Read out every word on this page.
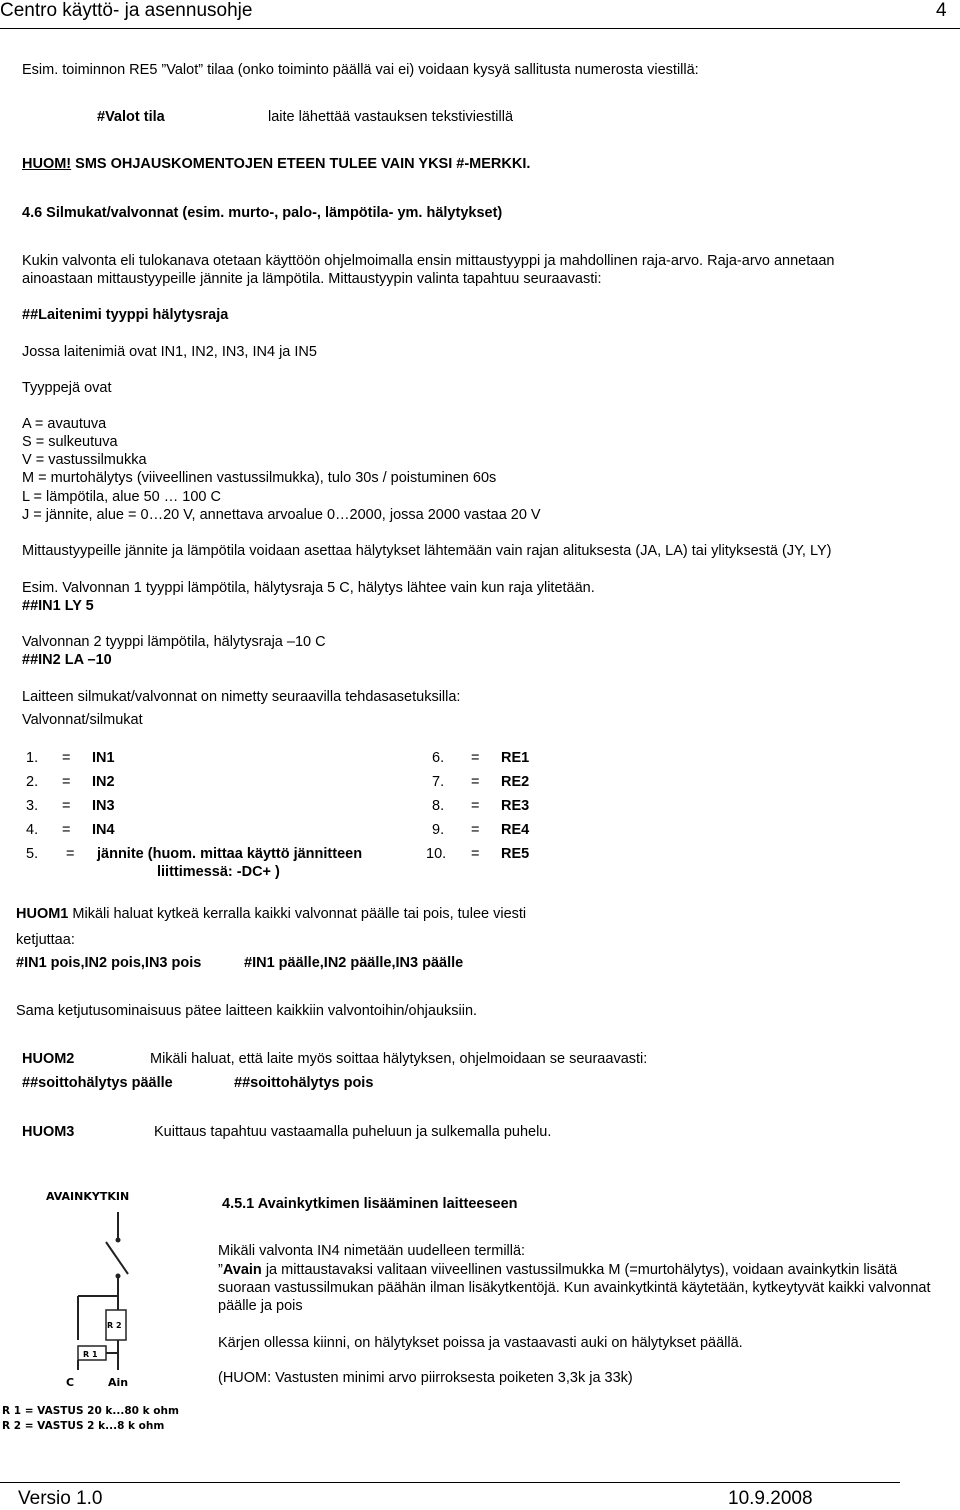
Centro käyttö- ja asennusohje	4
Esim. toiminnon RE5 ”Valot” tilaa (onko toiminto päällä vai ei) voidaan kysyä sallitusta numerosta viestillä:
#Valot tila	laite lähettää vastauksen tekstiviestillä
HUOM! SMS OHJAUSKOMENTOJEN ETEEN TULEE VAIN YKSI #-MERKKI.
4.6 Silmukat/valvonnat (esim. murto-, palo-, lämpötila- ym. hälytykset)
Kukin valvonta eli tulokanava otetaan käyttöön ohjelmoimalla ensin mittaustyyppi ja mahdollinen raja-arvo. Raja-arvo annetaan
ainoastaan mittaustyypeille jännite ja lämpötila. Mittaustyypin valinta tapahtuu seuraavasti:
##Laitenimi tyyppi hälytysraja
Jossa laitenimiä ovat IN1, IN2, IN3, IN4 ja IN5
Tyyppejä ovat
A = avautuva
S = sulkeutuva
V = vastussilmukka
M = murtohälytys (viiveellinen vastussilmukka), tulo 30s / poistuminen 60s
L = lämpötila, alue 50 … 100 C
J = jännite, alue = 0…20 V, annettava arvoalue 0…2000, jossa 2000 vastaa 20 V
Mittaustyypeille jännite ja lämpötila voidaan asettaa hälytykset lähtemään vain rajan alituksesta (JA, LA) tai ylityksestä (JY, LY)
Esim. Valvonnan 1 tyyppi lämpötila, hälytysraja 5 C, hälytys lähtee vain kun raja ylitetään.
##IN1 LY 5
Valvonnan 2 tyyppi lämpötila, hälytysraja –10 C
##IN2 LA –10
Laitteen silmukat/valvonnat on nimetty seuraavilla tehdasasetuksilla:
Valvonnat/silmukat
1. = IN1
2. = IN2
3. = IN3
4. = IN4
5. = jännite (huom. mittaa käyttö jännitteen
liittimessä: -DC+ )
6. = RE1
7. = RE2
8. = RE3
9. = RE4
10. = RE5
HUOM1 Mikäli haluat kytkeä kerralla kaikki valvonnat päälle tai pois, tulee viesti
ketjuttaa:
#IN1 pois,IN2 pois,IN3 pois	#IN1 päälle,IN2 päälle,IN3 päälle
Sama ketjutusominaisuus pätee laitteen kaikkiin valvontoihin/ohjauksiin.
HUOM2	Mikäli haluat, että laite myös soittaa hälytyksen, ohjelmoidaan se seuraavasti:
##soittohälytys päälle	##soittohälytys pois
HUOM3	Kuittaus tapahtuu vastaamalla puheluun ja sulkemalla puhelu.
AVAINKYTKIN
R 2
R 1
C	Ain
R 1 = VASTUS 20 k...80 k ohm
R 2 = VASTUS 2 k...8 k ohm
4.5.1 Avainkytkimen lisääminen laitteeseen
Mikäli valvonta IN4 nimetään uudelleen termillä:
”Avain ja mittaustavaksi valitaan viiveellinen vastussilmukka M (=murtohälytys), voidaan avainkytkin lisätä suoraan vastussilmukan päähän ilman lisäkytkentöjä. Kun avainkytkintä käytetään, kytkeytyvät kaikki valvonnat päälle ja pois
Kärjen ollessa kiinni, on hälytykset poissa ja vastaavasti auki on hälytykset päällä.
(HUOM: Vastusten minimi arvo piirroksesta poiketen 3,3k ja 33k)
Versio 1.0	10.9.2008
